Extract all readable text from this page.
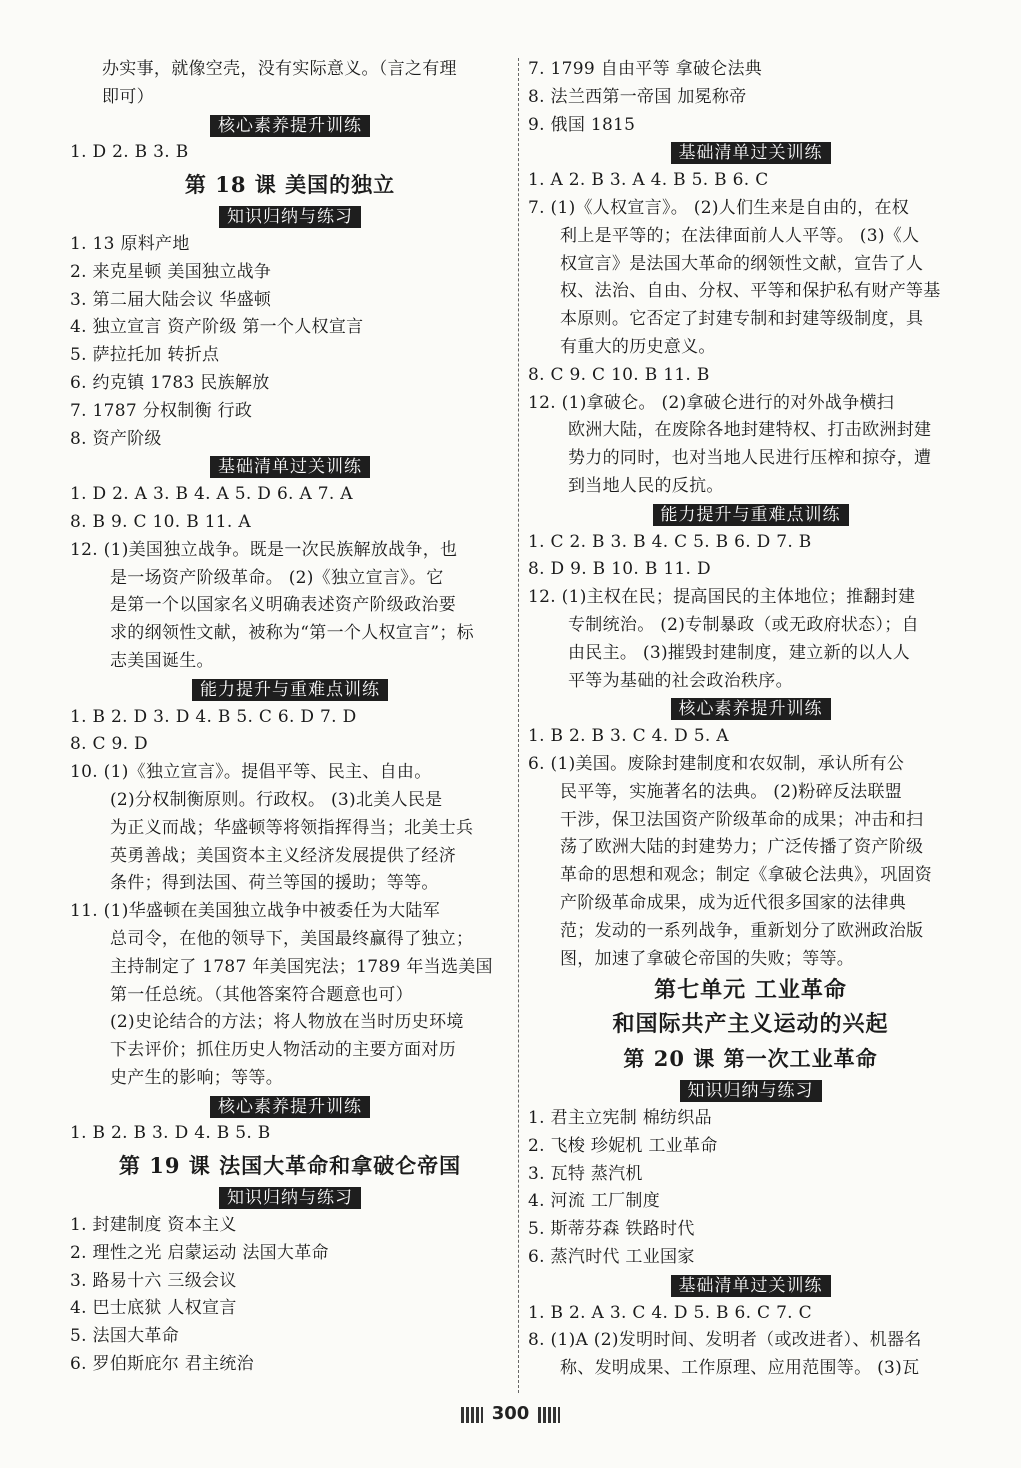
办实事，就像空壳，没有实际意义。（言之有理
即可）
核心素养提升训练
1. D 2. B 3. B
第 18 课 美国的独立
知识归纳与练习
1. 13 原料产地
2. 来克星顿 美国独立战争
3. 第二届大陆会议 华盛顿
4. 独立宣言 资产阶级 第一个人权宣言
5. 萨拉托加 转折点
6. 约克镇 1783 民族解放
7. 1787 分权制衡 行政
8. 资产阶级
基础清单过关训练
1. D 2. A 3. B 4. A 5. D 6. A 7. A
8. B 9. C 10. B 11. A
12. (1)美国独立战争。既是一次民族解放战争，也
是一场资产阶级革命。 (2)《独立宣言》。它
是第一个以国家名义明确表述资产阶级政治要
求的纲领性文献，被称为“第一个人权宣言”；标
志美国诞生。
能力提升与重难点训练
1. B 2. D 3. D 4. B 5. C 6. D 7. D
8. C 9. D
10. (1)《独立宣言》。提倡平等、民主、自由。
(2)分权制衡原则。行政权。 (3)北美人民是
为正义而战；华盛顿等将领指挥得当；北美士兵
英勇善战；美国资本主义经济发展提供了经济
条件；得到法国、荷兰等国的援助；等等。
11. (1)华盛顿在美国独立战争中被委任为大陆军
总司令，在他的领导下，美国最终赢得了独立；
主持制定了 1787 年美国宪法；1789 年当选美国
第一任总统。（其他答案符合题意也可）
(2)史论结合的方法；将人物放在当时历史环境
下去评价；抓住历史人物活动的主要方面对历
史产生的影响；等等。
核心素养提升训练
1. B 2. B 3. D 4. B 5. B
第 19 课 法国大革命和拿破仑帝国
知识归纳与练习
1. 封建制度 资本主义
2. 理性之光 启蒙运动 法国大革命
3. 路易十六 三级会议
4. 巴士底狱 人权宣言
5. 法国大革命
6. 罗伯斯庇尔 君主统治
7. 1799 自由平等 拿破仑法典
8. 法兰西第一帝国 加冕称帝
9. 俄国 1815
基础清单过关训练
1. A 2. B 3. A 4. B 5. B 6. C
7. (1)《人权宣言》。 (2)人们生来是自由的，在权
利上是平等的；在法律面前人人平等。 (3)《人
权宣言》是法国大革命的纲领性文献，宣告了人
权、法治、自由、分权、平等和保护私有财产等基
本原则。它否定了封建专制和封建等级制度，具
有重大的历史意义。
8. C 9. C 10. B 11. B
12. (1)拿破仑。 (2)拿破仑进行的对外战争横扫
欧洲大陆，在废除各地封建特权、打击欧洲封建
势力的同时，也对当地人民进行压榨和掠夺，遭
到当地人民的反抗。
能力提升与重难点训练
1. C 2. B 3. B 4. C 5. B 6. D 7. B
8. D 9. B 10. B 11. D
12. (1)主权在民；提高国民的主体地位；推翻封建
专制统治。 (2)专制暴政（或无政府状态）；自
由民主。 (3)摧毁封建制度，建立新的以人人
平等为基础的社会政治秩序。
核心素养提升训练
1. B 2. B 3. C 4. D 5. A
6. (1)美国。废除封建制度和农奴制，承认所有公
民平等，实施著名的法典。 (2)粉碎反法联盟
干涉，保卫法国资产阶级革命的成果；冲击和扫
荡了欧洲大陆的封建势力；广泛传播了资产阶级
革命的思想和观念；制定《拿破仑法典》，巩固资
产阶级革命成果，成为近代很多国家的法律典
范；发动的一系列战争，重新划分了欧洲政治版
图，加速了拿破仑帝国的失败；等等。
第七单元 工业革命
和国际共产主义运动的兴起
第 20 课 第一次工业革命
知识归纳与练习
1. 君主立宪制 棉纺织品
2. 飞梭 珍妮机 工业革命
3. 瓦特 蒸汽机
4. 河流 工厂制度
5. 斯蒂芬森 铁路时代
6. 蒸汽时代 工业国家
基础清单过关训练
1. B 2. A 3. C 4. D 5. B 6. C 7. C
8. (1)A (2)发明时间、发明者（或改进者）、机器名
称、发明成果、工作原理、应用范围等。 (3)瓦
300
